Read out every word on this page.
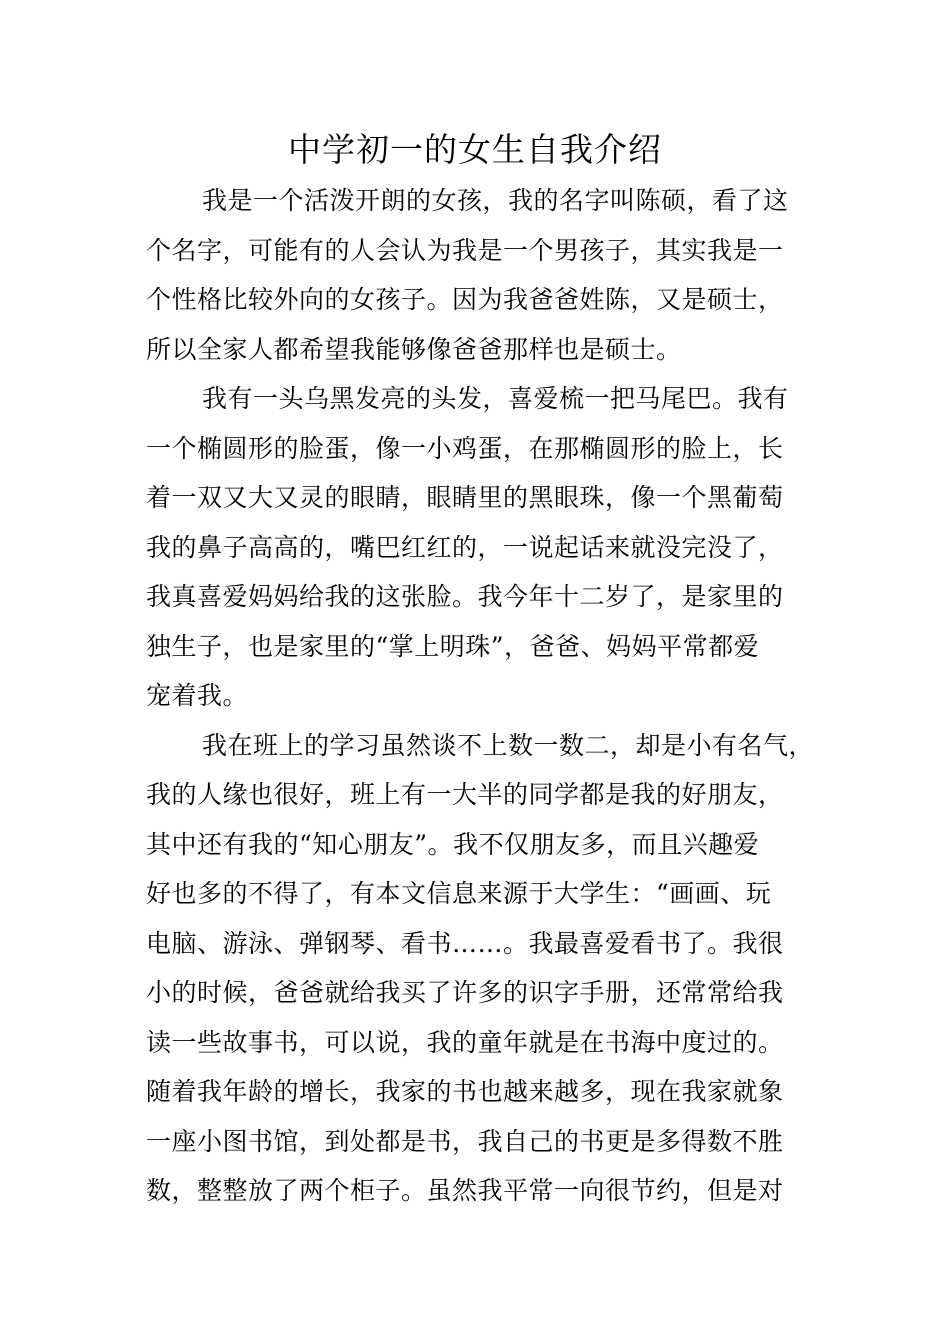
中学初一的女生自我介绍
我是一个活泼开朗的女孩，我的名字叫陈硕，看了这
个名字，可能有的人会认为我是一个男孩子，其实我是一
个性格比较外向的女孩子。因为我爸爸姓陈，又是硕士，
所以全家人都希望我能够像爸爸那样也是硕士。
我有一头乌黑发亮的头发，喜爱梳一把马尾巴。我有
一个椭圆形的脸蛋，像一小鸡蛋，在那椭圆形的脸上，长
着一双又大又灵的眼睛，眼睛里的黑眼珠，像一个黑葡萄
我的鼻子高高的，嘴巴红红的，一说起话来就没完没了，
我真喜爱妈妈给我的这张脸。我今年十二岁了，是家里的
独生子，也是家里的“掌上明珠”，爸爸、妈妈平常都爱
宠着我。
我在班上的学习虽然谈不上数一数二，却是小有名气，
我的人缘也很好，班上有一大半的同学都是我的好朋友，
其中还有我的“知心朋友”。我不仅朋友多，而且兴趣爱
好也多的不得了，有本文信息来源于大学生：“画画、玩
电脑、游泳、弹钢琴、看书……。我最喜爱看书了。我很
小的时候，爸爸就给我买了许多的识字手册，还常常给我
读一些故事书，可以说，我的童年就是在书海中度过的。
随着我年龄的增长，我家的书也越来越多，现在我家就象
一座小图书馆，到处都是书，我自己的书更是多得数不胜
数，整整放了两个柜子。虽然我平常一向很节约，但是对
